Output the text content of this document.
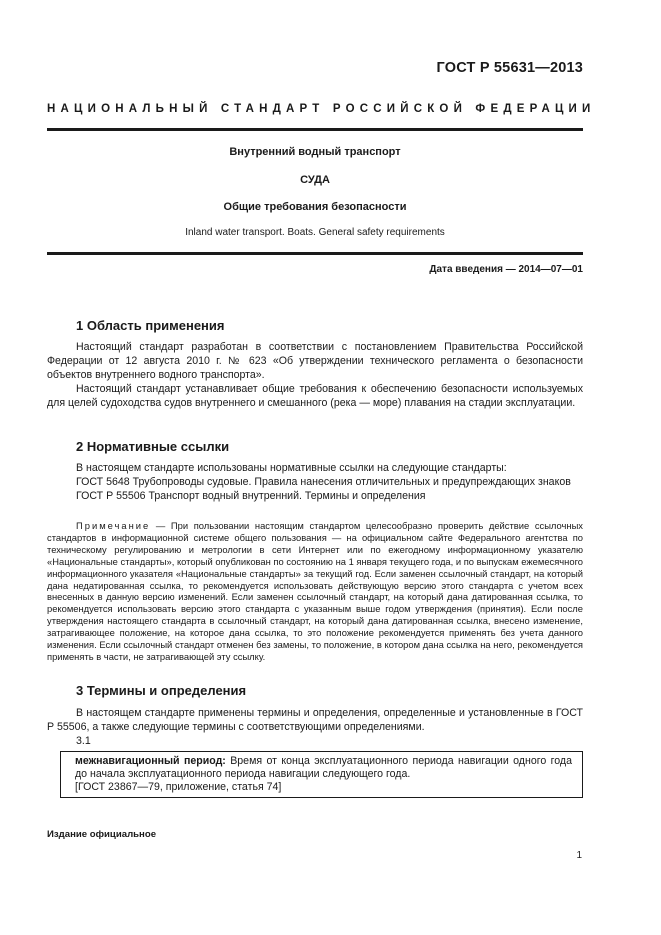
ГОСТ Р 55631—2013
НАЦИОНАЛЬНЫЙ СТАНДАРТ РОССИЙСКОЙ ФЕДЕРАЦИИ
Внутренний водный транспорт
СУДА
Общие требования безопасности
Inland water transport. Boats. General safety requirements
Дата введения — 2014—07—01
1 Область применения

Настоящий стандарт разработан в соответствии с постановлением Правительства Российской Федерации от 12 августа 2010 г. № 623 «Об утверждении технического регламента о безопасности объектов внутреннего водного транспорта».

Настоящий стандарт устанавливает общие требования к обеспечению безопасности используемых для целей судоходства судов внутреннего и смешанного (река — море) плавания на стадии эксплуатации.

2 Нормативные ссылки

В настоящем стандарте использованы нормативные ссылки на следующие стандарты:

ГОСТ 5648 Трубопроводы судовые. Правила нанесения отличительных и предупреждающих знаков

ГОСТ Р 55506 Транспорт водный внутренний. Термины и определения

Примечание — При пользовании настоящим стандартом целесообразно проверить действие ссылочных стандартов в информационной системе общего пользования — на официальном сайте Федерального агентства по техническому регулированию и метрологии в сети Интернет или по ежегодному информационному указателю «Национальные стандарты», который опубликован по состоянию на 1 января текущего года, и по выпускам ежемесячного информационного указателя «Национальные стандарты» за текущий год. Если заменен ссылочный стандарт, на который дана недатированная ссылка, то рекомендуется использовать действующую версию этого стандарта с учетом всех внесенных в данную версию изменений. Если заменен ссылочный стандарт, на который дана датированная ссылка, то рекомендуется использовать версию этого стандарта с указанным выше годом утверждения (принятия). Если после утверждения настоящего стандарта в ссылочный стандарт, на который дана датированная ссылка, внесено изменение, затрагивающее положение, на которое дана ссылка, то это положение рекомендуется применять без учета данного изменения. Если ссылочный стандарт отменен без замены, то положение, в котором дана ссылка на него, рекомендуется применять в части, не затрагивающей эту ссылку.
3 Термины и определения

В настоящем стандарте применены термины и определения, определенные и установленные в ГОСТ Р 55506, а также следующие термины с соответствующими определениями.

3.1

межнавигационный период: Время от конца эксплуатационного периода навигации одного года до начала эксплуатационного периода навигации следующего года.
[ГОСТ 23867—79, приложение, статья 74]
Издание официальное
1
